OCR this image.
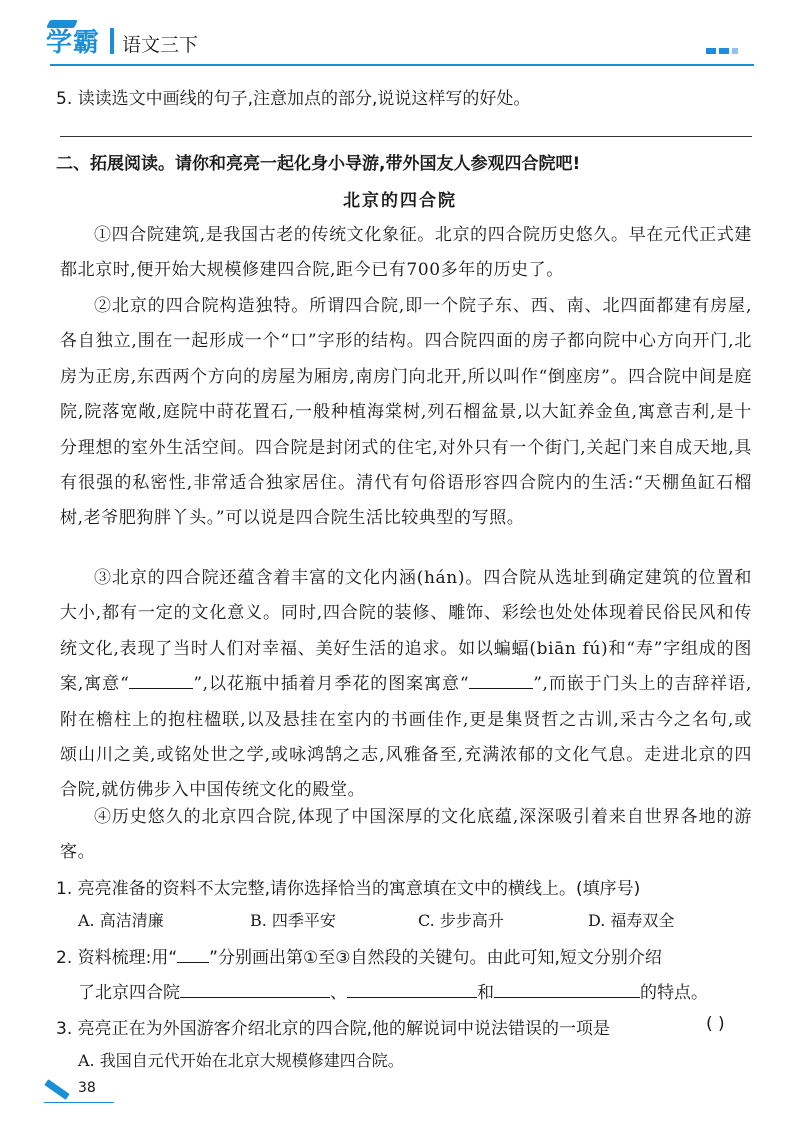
学霸 语文三下
5. 读读选文中画线的句子,注意加点的部分,说说这样写的好处。
二、拓展阅读。请你和亮亮一起化身小导游,带外国友人参观四合院吧!
北京的四合院

①四合院建筑,是我国古老的传统文化象征。北京的四合院历史悠久。早在元代正式建都北京时,便开始大规模修建四合院,距今已有700多年的历史了。

②北京的四合院构造独特。所谓四合院,即一个院子东、西、南、北四面都建有房屋,各自独立,围在一起形成一个“口”字形的结构。四合院四面的房子都向院中心方向开门,北房为正房,东西两个方向的房屋为厢房,南房门向北开,所以叫作“倒座房”。四合院中间是庭院,院落宽敞,庭院中莳花置石,一般种植海棠树,列石榴盆景,以大缸养金鱼,寓意吉利,是十分理想的室外生活空间。四合院是封闭式的住宅,对外只有一个街门,关起门来自成天地,具有很强的私密性,非常适合独家居住。清代有句俗语形容四合院内的生活:“天棚鱼缸石榴树,老爷肥狗胖丫头。”可以说是四合院生活比较典型的写照。

③北京的四合院还蕴含着丰富的文化内涵(hán)。四合院从选址到确定建筑的位置和大小,都有一定的文化意义。同时,四合院的装修、雕饰、彩绘也处处体现着民俗民风和传统文化,表现了当时人们对幸福、美好生活的追求。如以蝙蝠(biān fú)和“寿”字组成的图案,寓意“	”,以花瓶中插着月季花的图案寓意“	”,而嵌于门头上的吉辞祥语,附在檐柱上的抱柱楹联,以及悬挂在室内的书画佳作,更是集贤哲之古训,采古今之名句,或颂山川之美,或铭处世之学,或咏鸿鹄之志,风雅备至,充满浓郁的文化气息。走进北京的四合院,就仿佛步入中国传统文化的殿堂。

④历史悠久的北京四合院,体现了中国深厚的文化底蕴,深深吸引着来自世界各地的游客。

1. 亮亮准备的资料不太完整,请你选择恰当的寓意填在文中的横线上。(填序号)
A. 高洁清廉	B. 四季平安	C. 步步高升	D. 福寿双全
2. 资料梳理:用“ ”分别画出第①至③自然段的关键句。由此可知,短文分别介绍
了北京四合院	、	和	的特点。
3. 亮亮正在为外国游客介绍北京的四合院,他的解说词中说法错误的一项是	( )
A. 我国自元代开始在北京大规模修建四合院。
38
